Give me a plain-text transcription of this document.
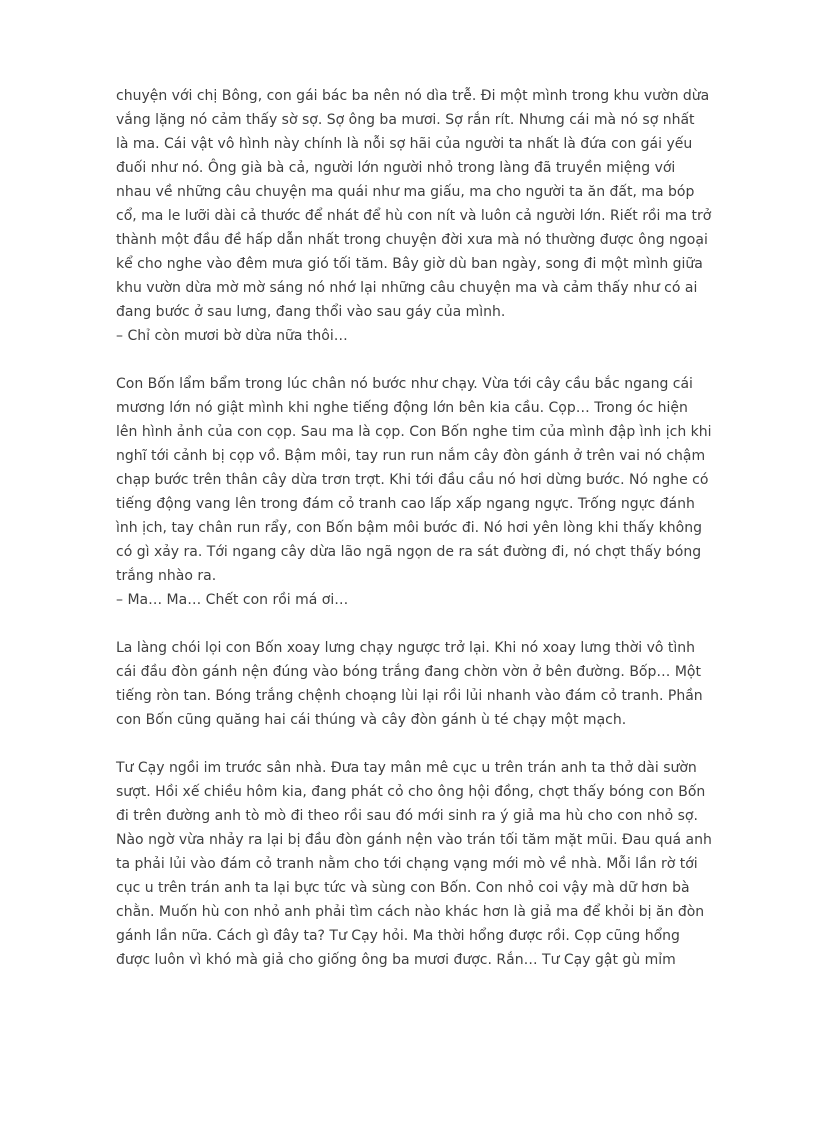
chuyện với chị Bông, con gái bác ba nên nó dìa trễ. Đi một mình trong khu vườn dừa
vắng lặng nó cảm thấy sờ sợ. Sợ ông ba mươi. Sợ rắn rít. Nhưng cái mà nó sợ nhất
là ma. Cái vật vô hình này chính là nỗi sợ hãi của người ta nhất là đứa con gái yếu
đuối như nó. Ông già bà cả, người lớn người nhỏ trong làng đã truyền miệng với
nhau về những câu chuyện ma quái như ma giấu, ma cho người ta ăn đất, ma bóp
cổ, ma le lưỡi dài cả thước để nhát để hù con nít và luôn cả người lớn. Riết rồi ma trở
thành một đầu đề hấp dẫn nhất trong chuyện đời xưa mà nó thường được ông ngoại
kể cho nghe vào đêm mưa gió tối tăm. Bây giờ dù ban ngày, song đi một mình giữa
khu vườn dừa mờ mờ sáng nó nhớ lại những câu chuyện ma và cảm thấy như có ai
đang bước ở sau lưng, đang thổi vào sau gáy của mình.
– Chỉ còn mươi bờ dừa nữa thôi…
Con Bốn lẩm bẩm trong lúc chân nó bước như chạy. Vừa tới cây cầu bắc ngang cái
mương lớn nó giật mình khi nghe tiếng động lớn bên kia cầu. Cọp… Trong óc hiện
lên hình ảnh của con cọp. Sau ma là cọp. Con Bốn nghe tim của mình đập ình ịch khi
nghĩ tới cảnh bị cọp vồ. Bậm môi, tay run run nắm cây đòn gánh ở trên vai nó chậm
chạp bước trên thân cây dừa trơn trợt. Khi tới đầu cầu nó hơi dừng bước. Nó nghe có
tiếng động vang lên trong đám cỏ tranh cao lấp xấp ngang ngực. Trống ngực đánh
ình ịch, tay chân run rẩy, con Bốn bậm môi bước đi. Nó hơi yên lòng khi thấy không
có gì xảy ra. Tới ngang cây dừa lão ngã ngọn de ra sát đường đi, nó chợt thấy bóng
trắng nhào ra.
– Ma… Ma… Chết con rồi má ơi…
La làng chói lọi con Bốn xoay lưng chạy ngược trở lại. Khi nó xoay lưng thời vô tình
cái đầu đòn gánh nện đúng vào bóng trắng đang chờn vờn ở bên đường. Bốp… Một
tiếng ròn tan. Bóng trắng chệnh choạng lùi lại rồi lủi nhanh vào đám cỏ tranh. Phần
con Bốn cũng quăng hai cái thúng và cây đòn gánh ù té chạy một mạch.
Tư Cạy ngồi im trước sân nhà. Đưa tay mân mê cục u trên trán anh ta thở dài sườn
sượt. Hồi xế chiều hôm kia, đang phát cỏ cho ông hội đồng, chợt thấy bóng con Bốn
đi trên đường anh tò mò đi theo rồi sau đó mới sinh ra ý giả ma hù cho con nhỏ sợ.
Nào ngờ vừa nhảy ra lại bị đầu đòn gánh nện vào trán tối tăm mặt mũi. Đau quá anh
ta phải lủi vào đám cỏ tranh nằm cho tới chạng vạng mới mò về nhà. Mỗi lần rờ tới
cục u trên trán anh ta lại bực tức và sùng con Bốn. Con nhỏ coi vậy mà dữ hơn bà
chằn. Muốn hù con nhỏ anh phải tìm cách nào khác hơn là giả ma để khỏi bị ăn đòn
gánh lần nữa. Cách gì đây ta? Tư Cạy hỏi. Ma thời hổng được rồi. Cọp cũng hổng
được luôn vì khó mà giả cho giống ông ba mươi được. Rắn… Tư Cạy gật gù mỉm
